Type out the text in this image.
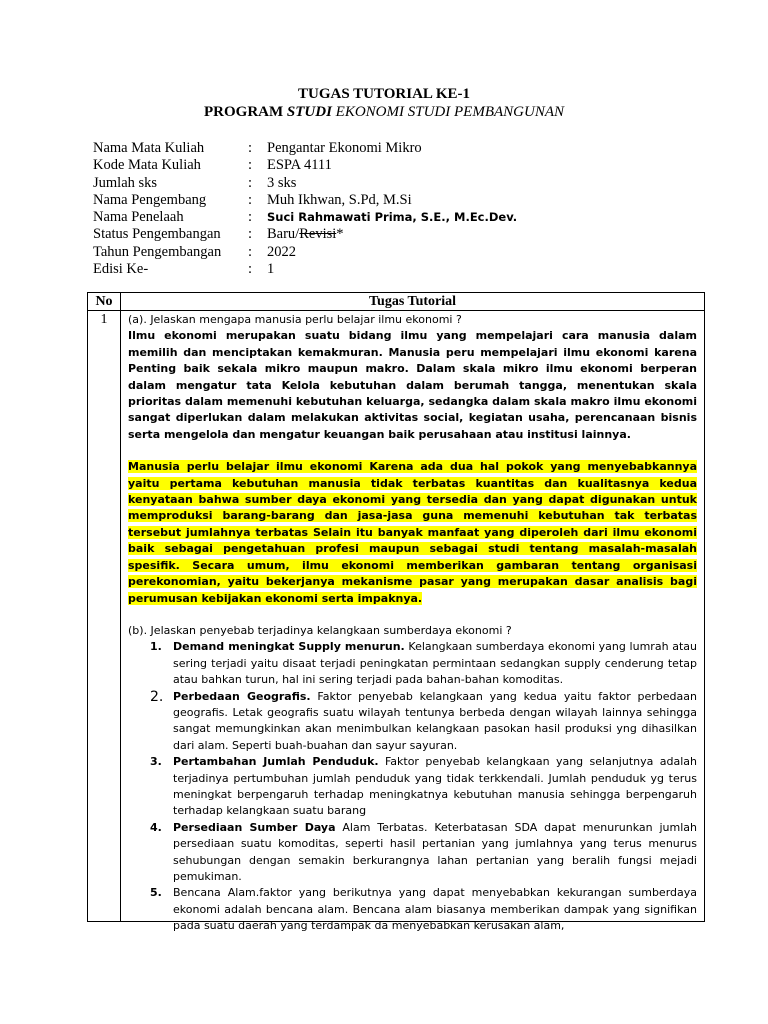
TUGAS TUTORIAL KE-1

PROGRAM STUDI EKONOMI STUDI PEMBANGUNAN

Nama Mata Kuliah	: Pengantar Ekonomi Mikro
Kode Mata Kuliah	: ESPA 4111
Jumlah sks	: 3 sks
Nama Pengembang	: Muh Ikhwan, S.Pd, M.Si
Nama Penelaah	: Suci Rahmawati Prima, S.E., M.Ec.Dev.
Status Pengembangan : Baru/Revisi*
Tahun Pengembangan : 2022
Edisi Ke-	: 1
No	Tugas Tutorial
1	(a). Jelaskan mengapa manusia perlu belajar ilmu ekonomi ?

Ilmu ekonomi merupakan suatu bidang ilmu yang mempelajari cara manusia dalam memilih dan menciptakan kemakmuran. Manusia peru mempelajari ilmu ekonomi karena Penting baik sekala mikro maupun makro. Dalam skala mikro ilmu ekonomi berperan dalam mengatur tata Kelola kebutuhan dalam berumah tangga, menentukan skala prioritas dalam memenuhi kebutuhan keluarga, sedangka dalam skala makro ilmu ekonomi sangat diperlukan dalam melakukan aktivitas social, kegiatan usaha, perencanaan bisnis serta mengelola dan mengatur keuangan baik perusahaan atau institusi lainnya.

Manusia perlu belajar ilmu ekonomi Karena ada dua hal pokok yang menyebabkannya yaitu pertama kebutuhan manusia tidak terbatas kuantitas dan kualitasnya kedua kenyataan bahwa sumber daya ekonomi yang tersedia dan yang dapat digunakan untuk memproduksi barang-barang dan jasa-jasa guna memenuhi kebutuhan tak terbatas tersebut jumlahnya terbatas Selain itu banyak manfaat yang diperoleh dari ilmu ekonomi baik sebagai pengetahuan profesi maupun sebagai studi tentang masalah-masalah spesifik. Secara umum, ilmu ekonomi memberikan gambaran tentang organisasi perekonomian, yaitu bekerjanya mekanisme pasar yang merupakan dasar analisis bagi perumusan kebijakan ekonomi serta impaknya.

(b). Jelaskan penyebab terjadinya kelangkaan sumberdaya ekonomi ?

1. Demand meningkat Supply menurun. Kelangkaan sumberdaya ekonomi yang lumrah atau sering terjadi yaitu disaat terjadi peningkatan permintaan sedangkan supply cenderung tetap atau bahkan turun, hal ini sering terjadi pada bahan-bahan komoditas.
2. Perbedaan Geografis. Faktor penyebab kelangkaan yang kedua yaitu faktor perbedaan geografis. Letak geografis suatu wilayah tentunya berbeda dengan wilayah lainnya sehingga sangat memungkinkan akan menimbulkan kelangkaan pasokan hasil produksi yng dihasilkan dari alam. Seperti buah-buahan dan sayur sayuran.
3. Pertambahan Jumlah Penduduk. Faktor penyebab kelangkaan yang selanjutnya adalah terjadinya pertumbuhan jumlah penduduk yang tidak terkkendali. Jumlah penduduk yg terus meningkat berpengaruh terhadap meningkatnya kebutuhan manusia sehingga berpengaruh terhadap kelangkaan suatu barang
4. Persediaan Sumber Daya Alam Terbatas. Keterbatasan SDA dapat menurunkan jumlah persediaan suatu komoditas, seperti hasil pertanian yang jumlahnya yang terus menurus sehubungan dengan semakin berkurangnya lahan pertanian yang beralih fungsi mejadi pemukiman.
5. Bencana Alam.faktor yang berikutnya yang dapat menyebabkan kekurangan sumberdaya ekonomi adalah bencana alam. Bencana alam biasanya memberikan dampak yang signifikan pada suatu daerah yang terdampak da menyebabkan kerusakan alam,
